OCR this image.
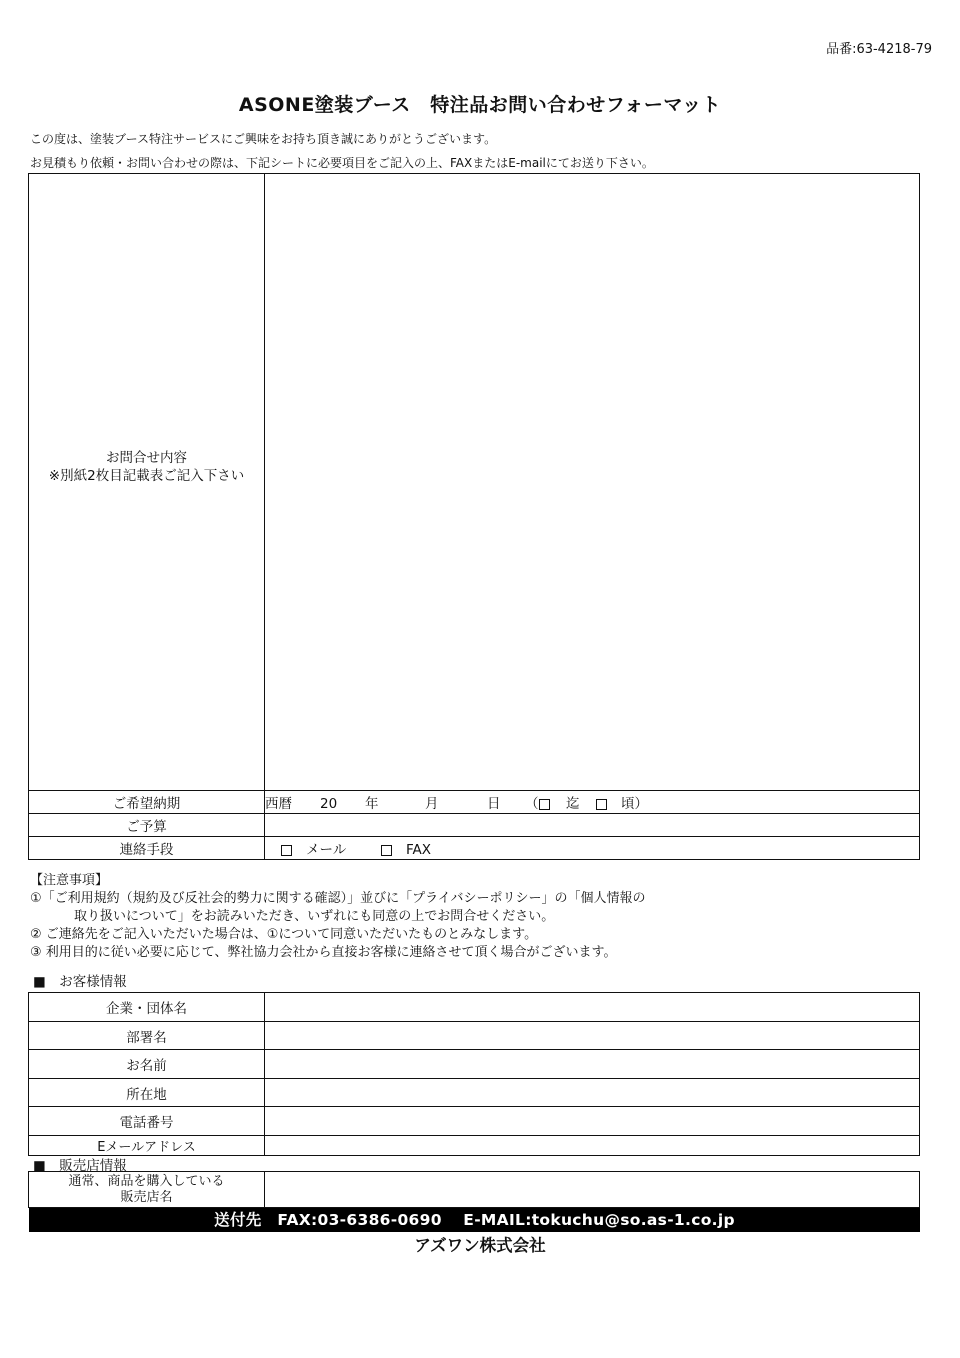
品番:63-4218-79
ASONE塗装ブース　特注品お問い合わせフォーマット
この度は、塗装ブース特注サービスにご興味をお持ち頂き誠にありがとうございます。
お見積もり依頼・お問い合わせの際は、下記シートに必要項目をご記入の上、FAXまたはE-mailにてお送り下さい。
お問合せ内容
※別紙2枚目記載表ご記入下さい	

ご希望納期	西暦 20 年 月 日 （ 迄 頃）
ご予算	
連絡手段	メール FAX
【注意事項】
①「ご利用規約（規約及び反社会的勢力に関する確認）」並びに「プライバシーポリシー」の「個人情報の
取り扱いについて」をお読みいただき、いずれにも同意の上でお問合せください。
② ご連絡先をご記入いただいた場合は、①について同意いただいたものとみなします。
③ 利用目的に従い必要に応じて、弊社協力会社から直接お客様に連絡させて頂く場合がございます。
■　お客様情報
企業・団体名	
部署名	
お名前	
所在地	
電話番号	
Eメールアドレス	
■　販売店情報
通常、商品を購入している
販売店名

送付先　FAX:03-6386-0690　 E-MAIL:tokuchu@so.as-1.co.jp
アズワン株式会社
